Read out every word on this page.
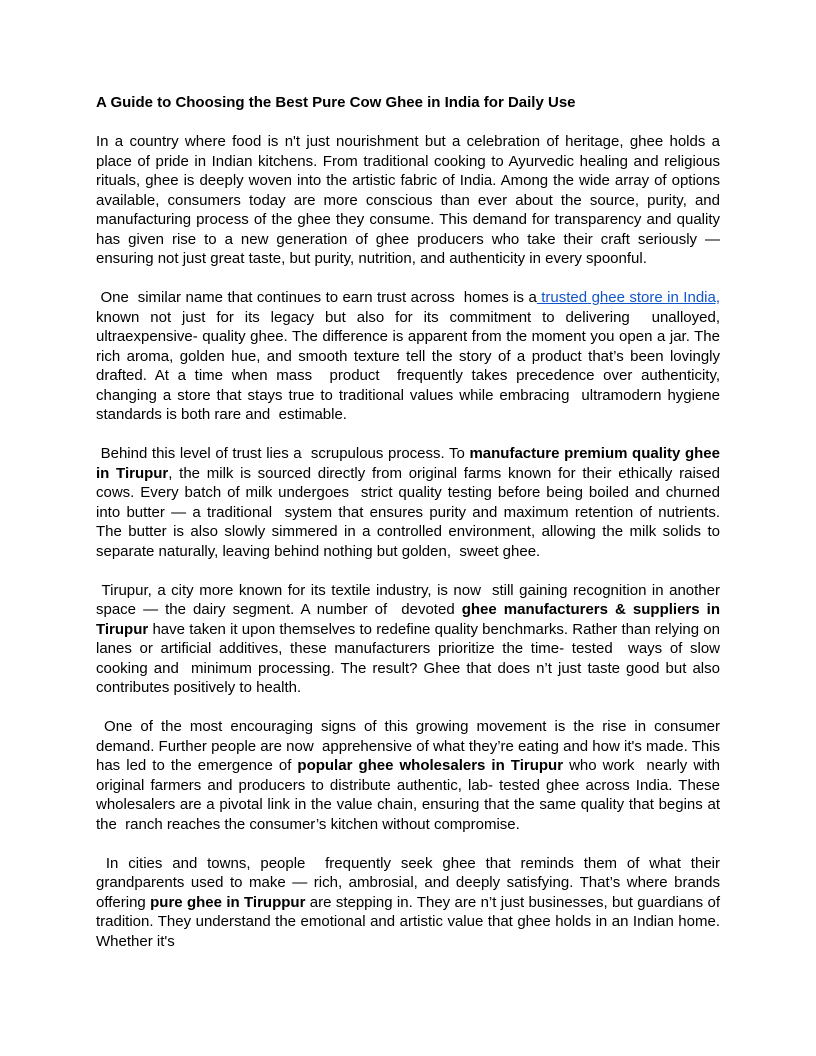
A Guide to Choosing the Best Pure Cow Ghee in India for Daily Use

In a country where food is n't just nourishment but a celebration of heritage, ghee holds a place of pride in Indian kitchens. From traditional cooking to Ayurvedic healing and religious rituals, ghee is deeply woven into the artistic fabric of India. Among the wide array of options available, consumers today are more conscious than ever about the source, purity, and manufacturing process of the ghee they consume. This demand for transparency and quality has given rise to a new generation of ghee producers who take their craft seriously — ensuring not just great taste, but purity, nutrition, and authenticity in every spoonful.

One  similar name that continues to earn trust across  homes is a trusted ghee store in India, known not just for its legacy but also for its commitment to delivering  unalloyed, ultraexpensive- quality ghee. The difference is apparent from the moment you open a jar. The rich aroma, golden hue, and smooth texture tell the story of a product that’s been lovingly drafted. At a time when mass  product  frequently takes precedence over authenticity, changing a store that stays true to traditional values while embracing  ultramodern hygiene standards is both rare and  estimable.

Behind this level of trust lies a  scrupulous process. To manufacture premium quality ghee in Tirupur, the milk is sourced directly from original farms known for their ethically raised cows. Every batch of milk undergoes  strict quality testing before being boiled and churned into butter — a traditional  system that ensures purity and maximum retention of nutrients. The butter is also slowly simmered in a controlled environment, allowing the milk solids to separate naturally, leaving behind nothing but golden,  sweet ghee.

Tirupur, a city more known for its textile industry, is now  still gaining recognition in another space — the dairy segment. A number of  devoted ghee manufacturers & suppliers in Tirupur have taken it upon themselves to redefine quality benchmarks. Rather than relying on lanes or artificial additives, these manufacturers prioritize the time- tested  ways of slow cooking and  minimum processing. The result? Ghee that does n’t just taste good but also contributes positively to health.

One of the most encouraging signs of this growing movement is the rise in consumer demand. Further people are now  apprehensive of what they’re eating and how it's made. This has led to the emergence of popular ghee wholesalers in Tirupur who work  nearly with original farmers and producers to distribute authentic, lab- tested ghee across India. These wholesalers are a pivotal link in the value chain, ensuring that the same quality that begins at the  ranch reaches the consumer’s kitchen without compromise.

In cities and towns, people  frequently seek ghee that reminds them of what their grandparents used to make — rich, ambrosial, and deeply satisfying. That’s where brands offering pure ghee in Tiruppur are stepping in. They are n’t just businesses, but guardians of tradition. They understand the emotional and artistic value that ghee holds in an Indian home. Whether it's
